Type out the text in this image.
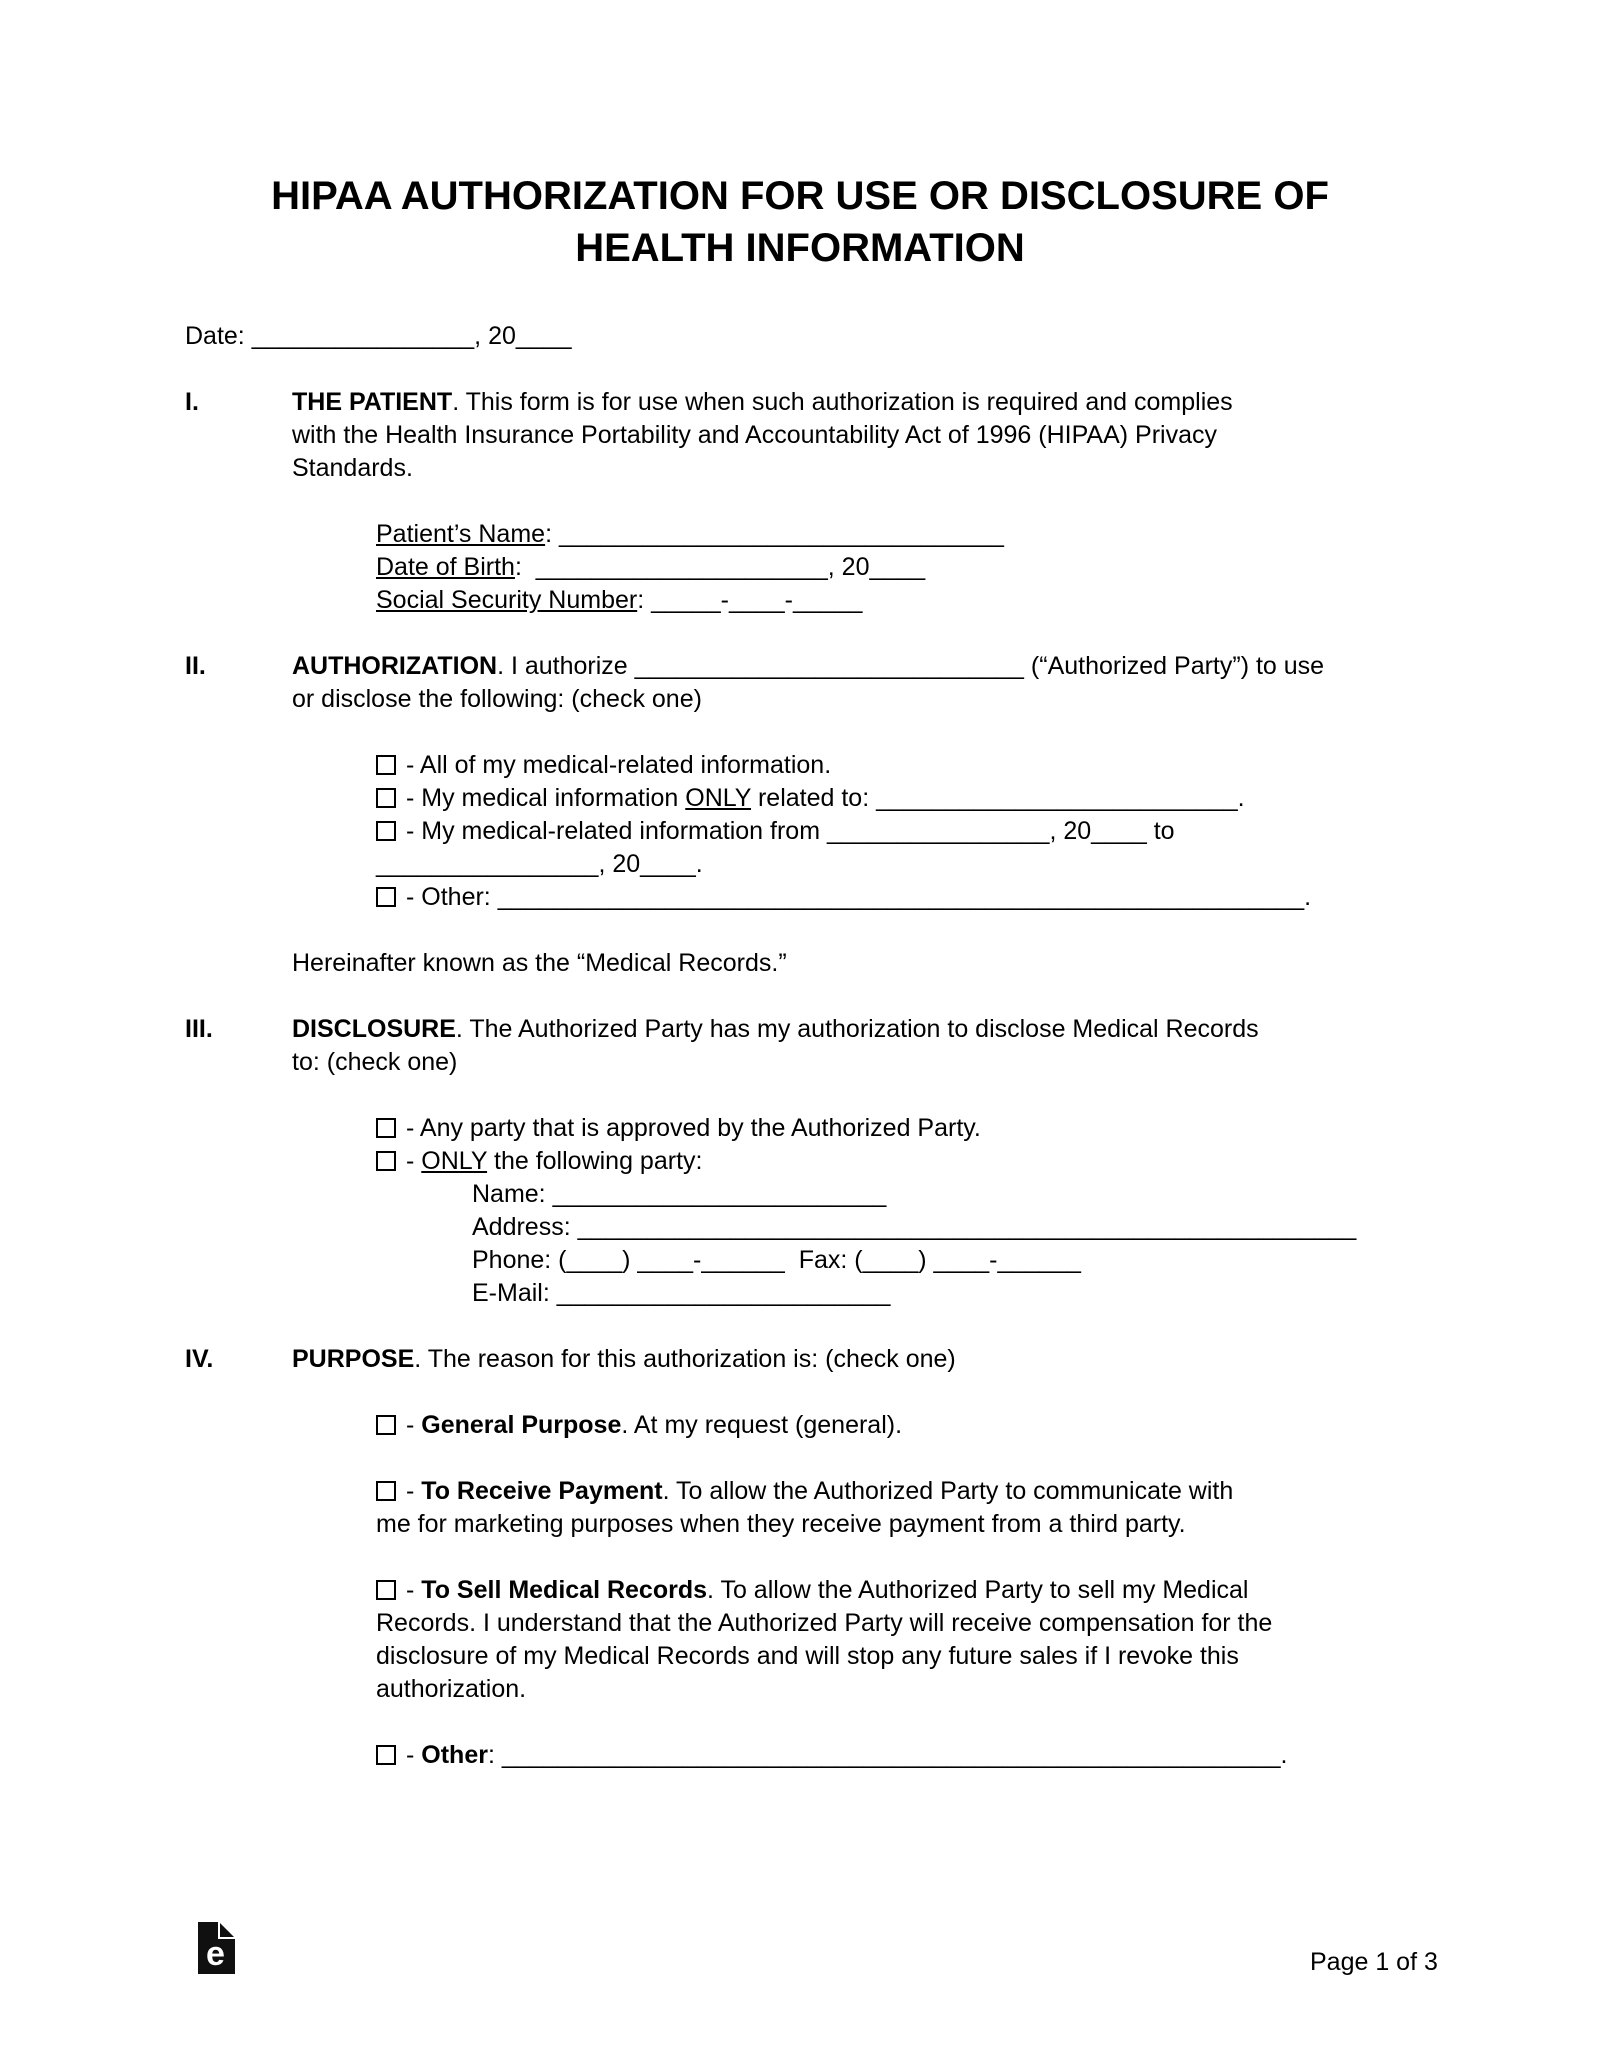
HIPAA AUTHORIZATION FOR USE OR DISCLOSURE OF
HEALTH INFORMATION
Date: ________________, 20____
I.	THE PATIENT. This form is for use when such authorization is required and complies
with the Health Insurance Portability and Accountability Act of 1996 (HIPAA) Privacy
Standards.
Patient’s Name: ________________________________
Date of Birth:  _____________________, 20____
Social Security Number: _____-____-_____
II.	AUTHORIZATION. I authorize ____________________________ (“Authorized Party”) to use
or disclose the following: (check one)
- All of my medical-related information.
- My medical information ONLY related to: __________________________.
- My medical-related information from ________________, 20____ to
________________, 20____.
- Other: __________________________________________________________.
Hereinafter known as the “Medical Records.”
III.	DISCLOSURE. The Authorized Party has my authorization to disclose Medical Records
to: (check one)
- Any party that is approved by the Authorized Party.
- ONLY the following party:
Name: ________________________
Address: ________________________________________________________
Phone: (____) ____-______  Fax: (____) ____-______
E-Mail: ________________________
IV.	PURPOSE. The reason for this authorization is: (check one)
- General Purpose. At my request (general).
- To Receive Payment. To allow the Authorized Party to communicate with
me for marketing purposes when they receive payment from a third party.
- To Sell Medical Records. To allow the Authorized Party to sell my Medical
Records. I understand that the Authorized Party will receive compensation for the
disclosure of my Medical Records and will stop any future sales if I revoke this
authorization.
- Other: ________________________________________________________.
e	Page 1 of 3
